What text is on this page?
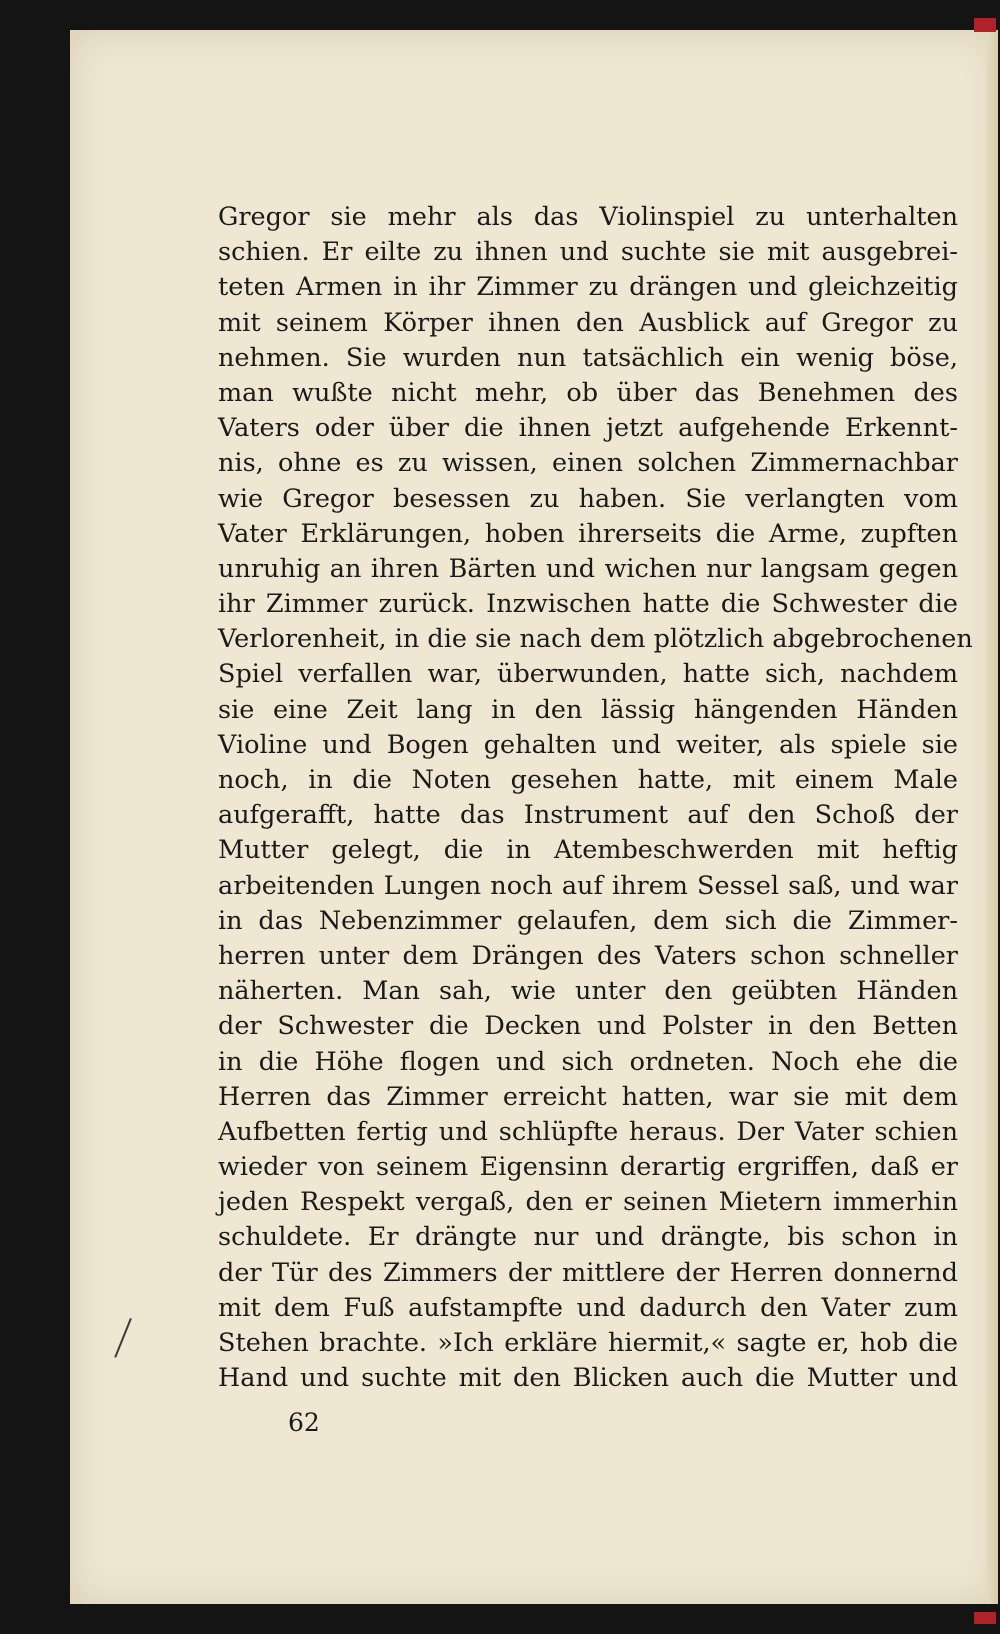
Gregor sie mehr als das Violinspiel zu unterhalten
schien. Er eilte zu ihnen und suchte sie mit ausgebrei-
teten Armen in ihr Zimmer zu drängen und gleichzeitig
mit seinem Körper ihnen den Ausblick auf Gregor zu
nehmen. Sie wurden nun tatsächlich ein wenig böse,
man wußte nicht mehr, ob über das Benehmen des
Vaters oder über die ihnen jetzt aufgehende Erkennt-
nis, ohne es zu wissen, einen solchen Zimmernachbar
wie Gregor besessen zu haben. Sie verlangten vom
Vater Erklärungen, hoben ihrerseits die Arme, zupften
unruhig an ihren Bärten und wichen nur langsam gegen
ihr Zimmer zurück. Inzwischen hatte die Schwester die
Verlorenheit, in die sie nach dem plötzlich abgebrochenen
Spiel verfallen war, überwunden, hatte sich, nachdem
sie eine Zeit lang in den lässig hängenden Händen
Violine und Bogen gehalten und weiter, als spiele sie
noch, in die Noten gesehen hatte, mit einem Male
aufgerafft, hatte das Instrument auf den Schoß der
Mutter gelegt, die in Atembeschwerden mit heftig
arbeitenden Lungen noch auf ihrem Sessel saß, und war
in das Nebenzimmer gelaufen, dem sich die Zimmer-
herren unter dem Drängen des Vaters schon schneller
näherten. Man sah, wie unter den geübten Händen
der Schwester die Decken und Polster in den Betten
in die Höhe flogen und sich ordneten. Noch ehe die
Herren das Zimmer erreicht hatten, war sie mit dem
Aufbetten fertig und schlüpfte heraus. Der Vater schien
wieder von seinem Eigensinn derartig ergriffen, daß er
jeden Respekt vergaß, den er seinen Mietern immerhin
schuldete. Er drängte nur und drängte, bis schon in
der Tür des Zimmers der mittlere der Herren donnernd
mit dem Fuß aufstampfte und dadurch den Vater zum
Stehen brachte. »Ich erkläre hiermit,« sagte er, hob die
Hand und suchte mit den Blicken auch die Mutter und
62
